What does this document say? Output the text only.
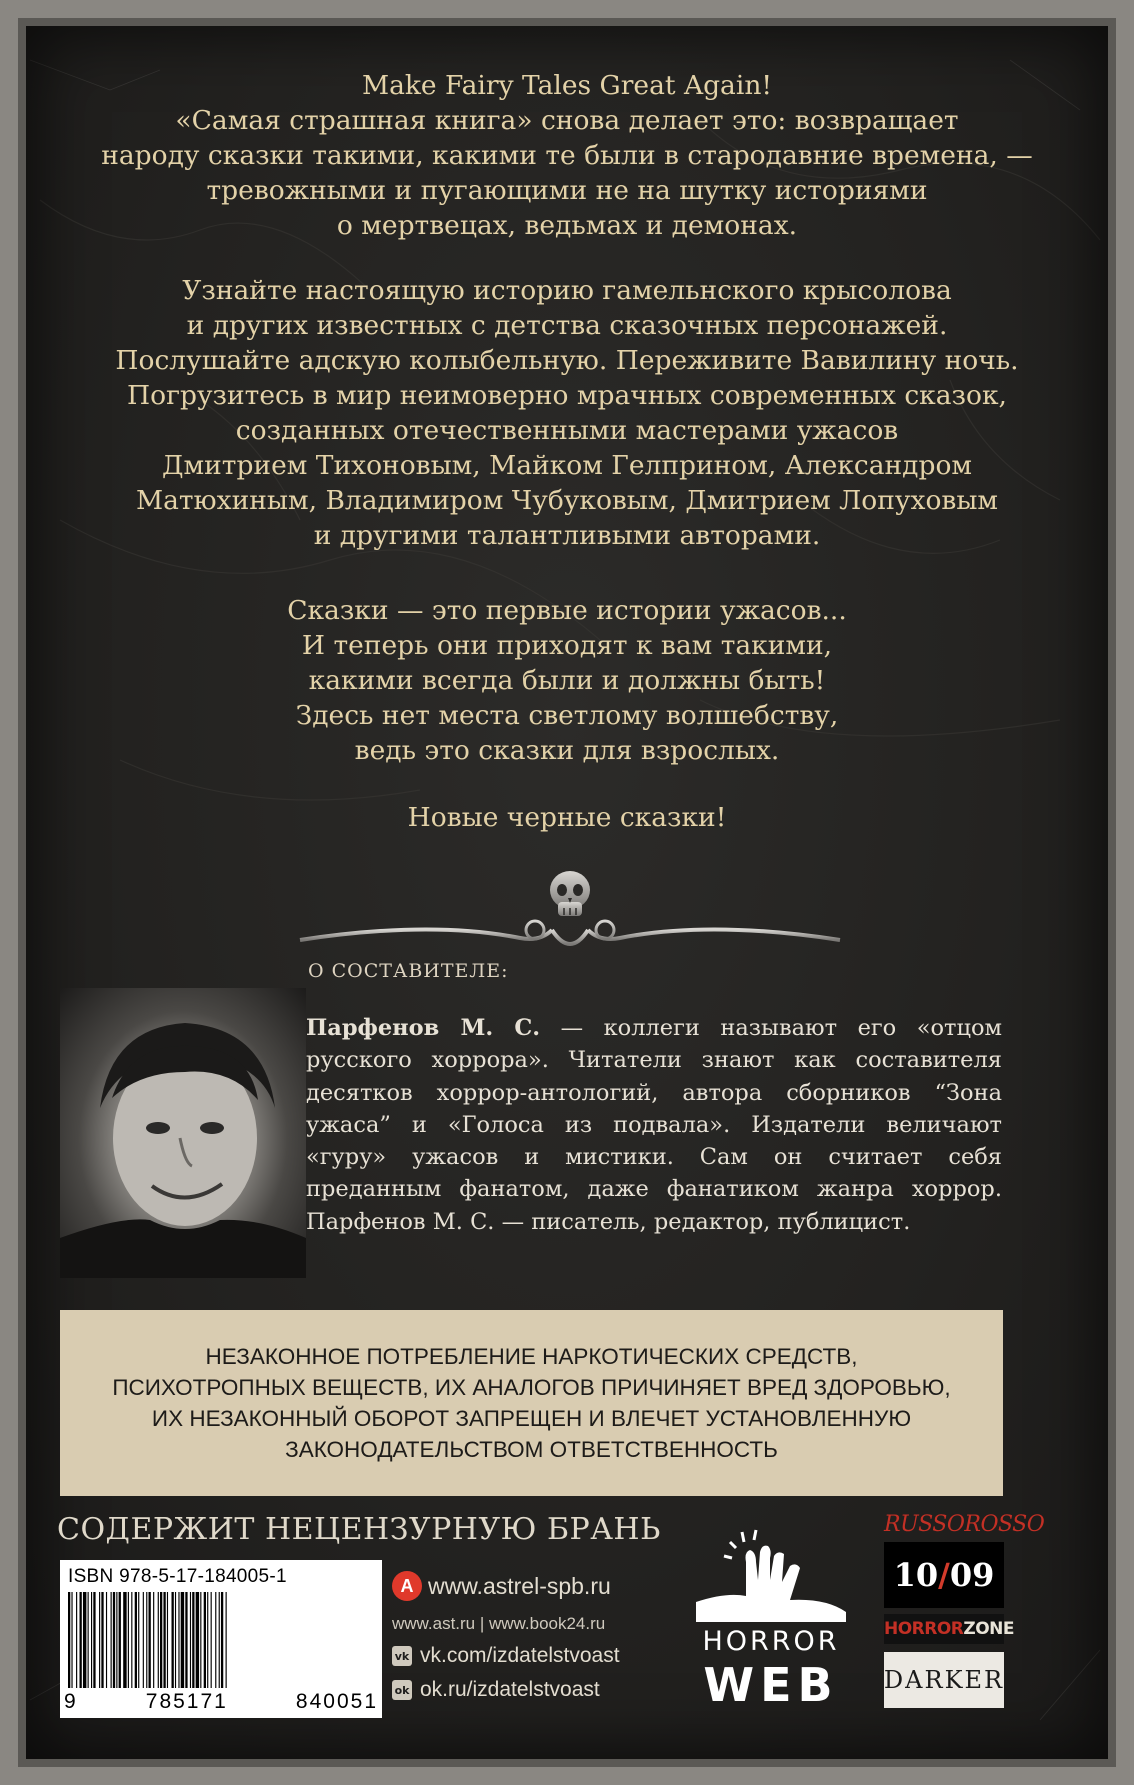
Make Fairy Tales Great Again!
«Самая страшная книга» снова делает это: возвращает
народу сказки такими, какими те были в стародавние времена, —
тревожными и пугающими не на шутку историями
о мертвецах, ведьмах и демонах.
Узнайте настоящую историю гамельнского крысолова
и других известных с детства сказочных персонажей.
Послушайте адскую колыбельную. Переживите Вавилину ночь.
Погрузитесь в мир неимоверно мрачных современных сказок,
созданных отечественными мастерами ужасов
Дмитрием Тихоновым, Майком Гелприном, Александром
Матюхиным, Владимиром Чубуковым, Дмитрием Лопуховым
и другими талантливыми авторами.
Сказки — это первые истории ужасов...
И теперь они приходят к вам такими,
какими всегда были и должны быть!
Здесь нет места светлому волшебству,
ведь это сказки для взрослых.
Новые черные сказки!
О СОСТАВИТЕЛЕ:
Парфенов М. С. — коллеги называют его «отцом русского хоррора». Читатели знают как составителя десятков хоррор-антологий, автора сборников “Зона ужаса” и «Голоса из подвала». Издатели величают «гуру» ужасов и мистики. Сам он считает себя преданным фанатом, даже фанатиком жанра хоррор. Парфенов М. С. — писатель, редактор, публицист.
НЕЗАКОННОЕ ПОТРЕБЛЕНИЕ НАРКОТИЧЕСКИХ СРЕДСТВ,
ПСИХОТРОПНЫХ ВЕЩЕСТВ, ИХ АНАЛОГОВ ПРИЧИНЯЕТ ВРЕД ЗДОРОВЬЮ,
ИХ НЕЗАКОННЫЙ ОБОРОТ ЗАПРЕЩЕН И ВЛЕЧЕТ УСТАНОВЛЕННУЮ
ЗАКОНОДАТЕЛЬСТВОМ ОТВЕТСТВЕННОСТЬ
СОДЕРЖИТ НЕЦЕНЗУРНУЮ БРАНЬ
ISBN 978-5-17-184005-1
9	785171	840051
А www.astrel-spb.ru
www.ast.ru | www.book24.ru
vk vk.com/izdatelstvoast
ok ok.ru/izdatelstvoast
HORROR
WEB
RUSSOROSSO
10/09
HORRORZONE
DARKER
